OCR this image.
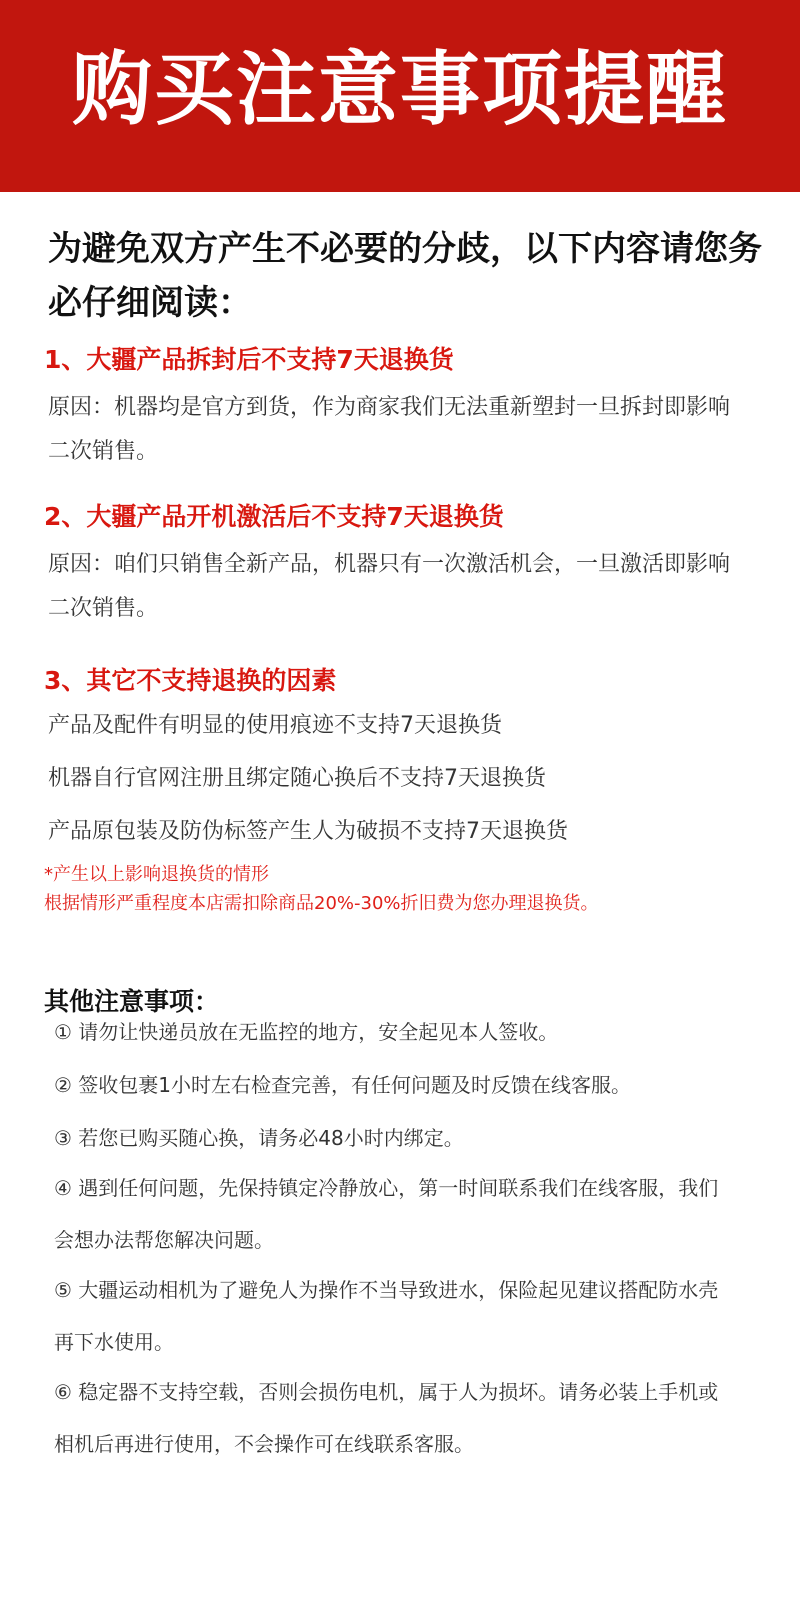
购买注意事项提醒
为避免双方产生不必要的分歧，以下内容请您务必仔细阅读：
1、大疆产品拆封后不支持7天退换货
原因：机器均是官方到货，作为商家我们无法重新塑封一旦拆封即影响二次销售。
2、大疆产品开机激活后不支持7天退换货
原因：咱们只销售全新产品，机器只有一次激活机会，一旦激活即影响二次销售。
3、其它不支持退换的因素
产品及配件有明显的使用痕迹不支持7天退换货
机器自行官网注册且绑定随心换后不支持7天退换货
产品原包装及防伪标签产生人为破损不支持7天退换货
*产生以上影响退换货的情形
根据情形严重程度本店需扣除商品20%-30%折旧费为您办理退换货。
其他注意事项：
① 请勿让快递员放在无监控的地方，安全起见本人签收。
② 签收包裹1小时左右检查完善，有任何问题及时反馈在线客服。
③ 若您已购买随心换，请务必48小时内绑定。
④ 遇到任何问题，先保持镇定冷静放心，第一时间联系我们在线客服，我们会想办法帮您解决问题。
⑤ 大疆运动相机为了避免人为操作不当导致进水，保险起见建议搭配防水壳再下水使用。
⑥ 稳定器不支持空载，否则会损伤电机，属于人为损坏。请务必装上手机或相机后再进行使用，不会操作可在线联系客服。
